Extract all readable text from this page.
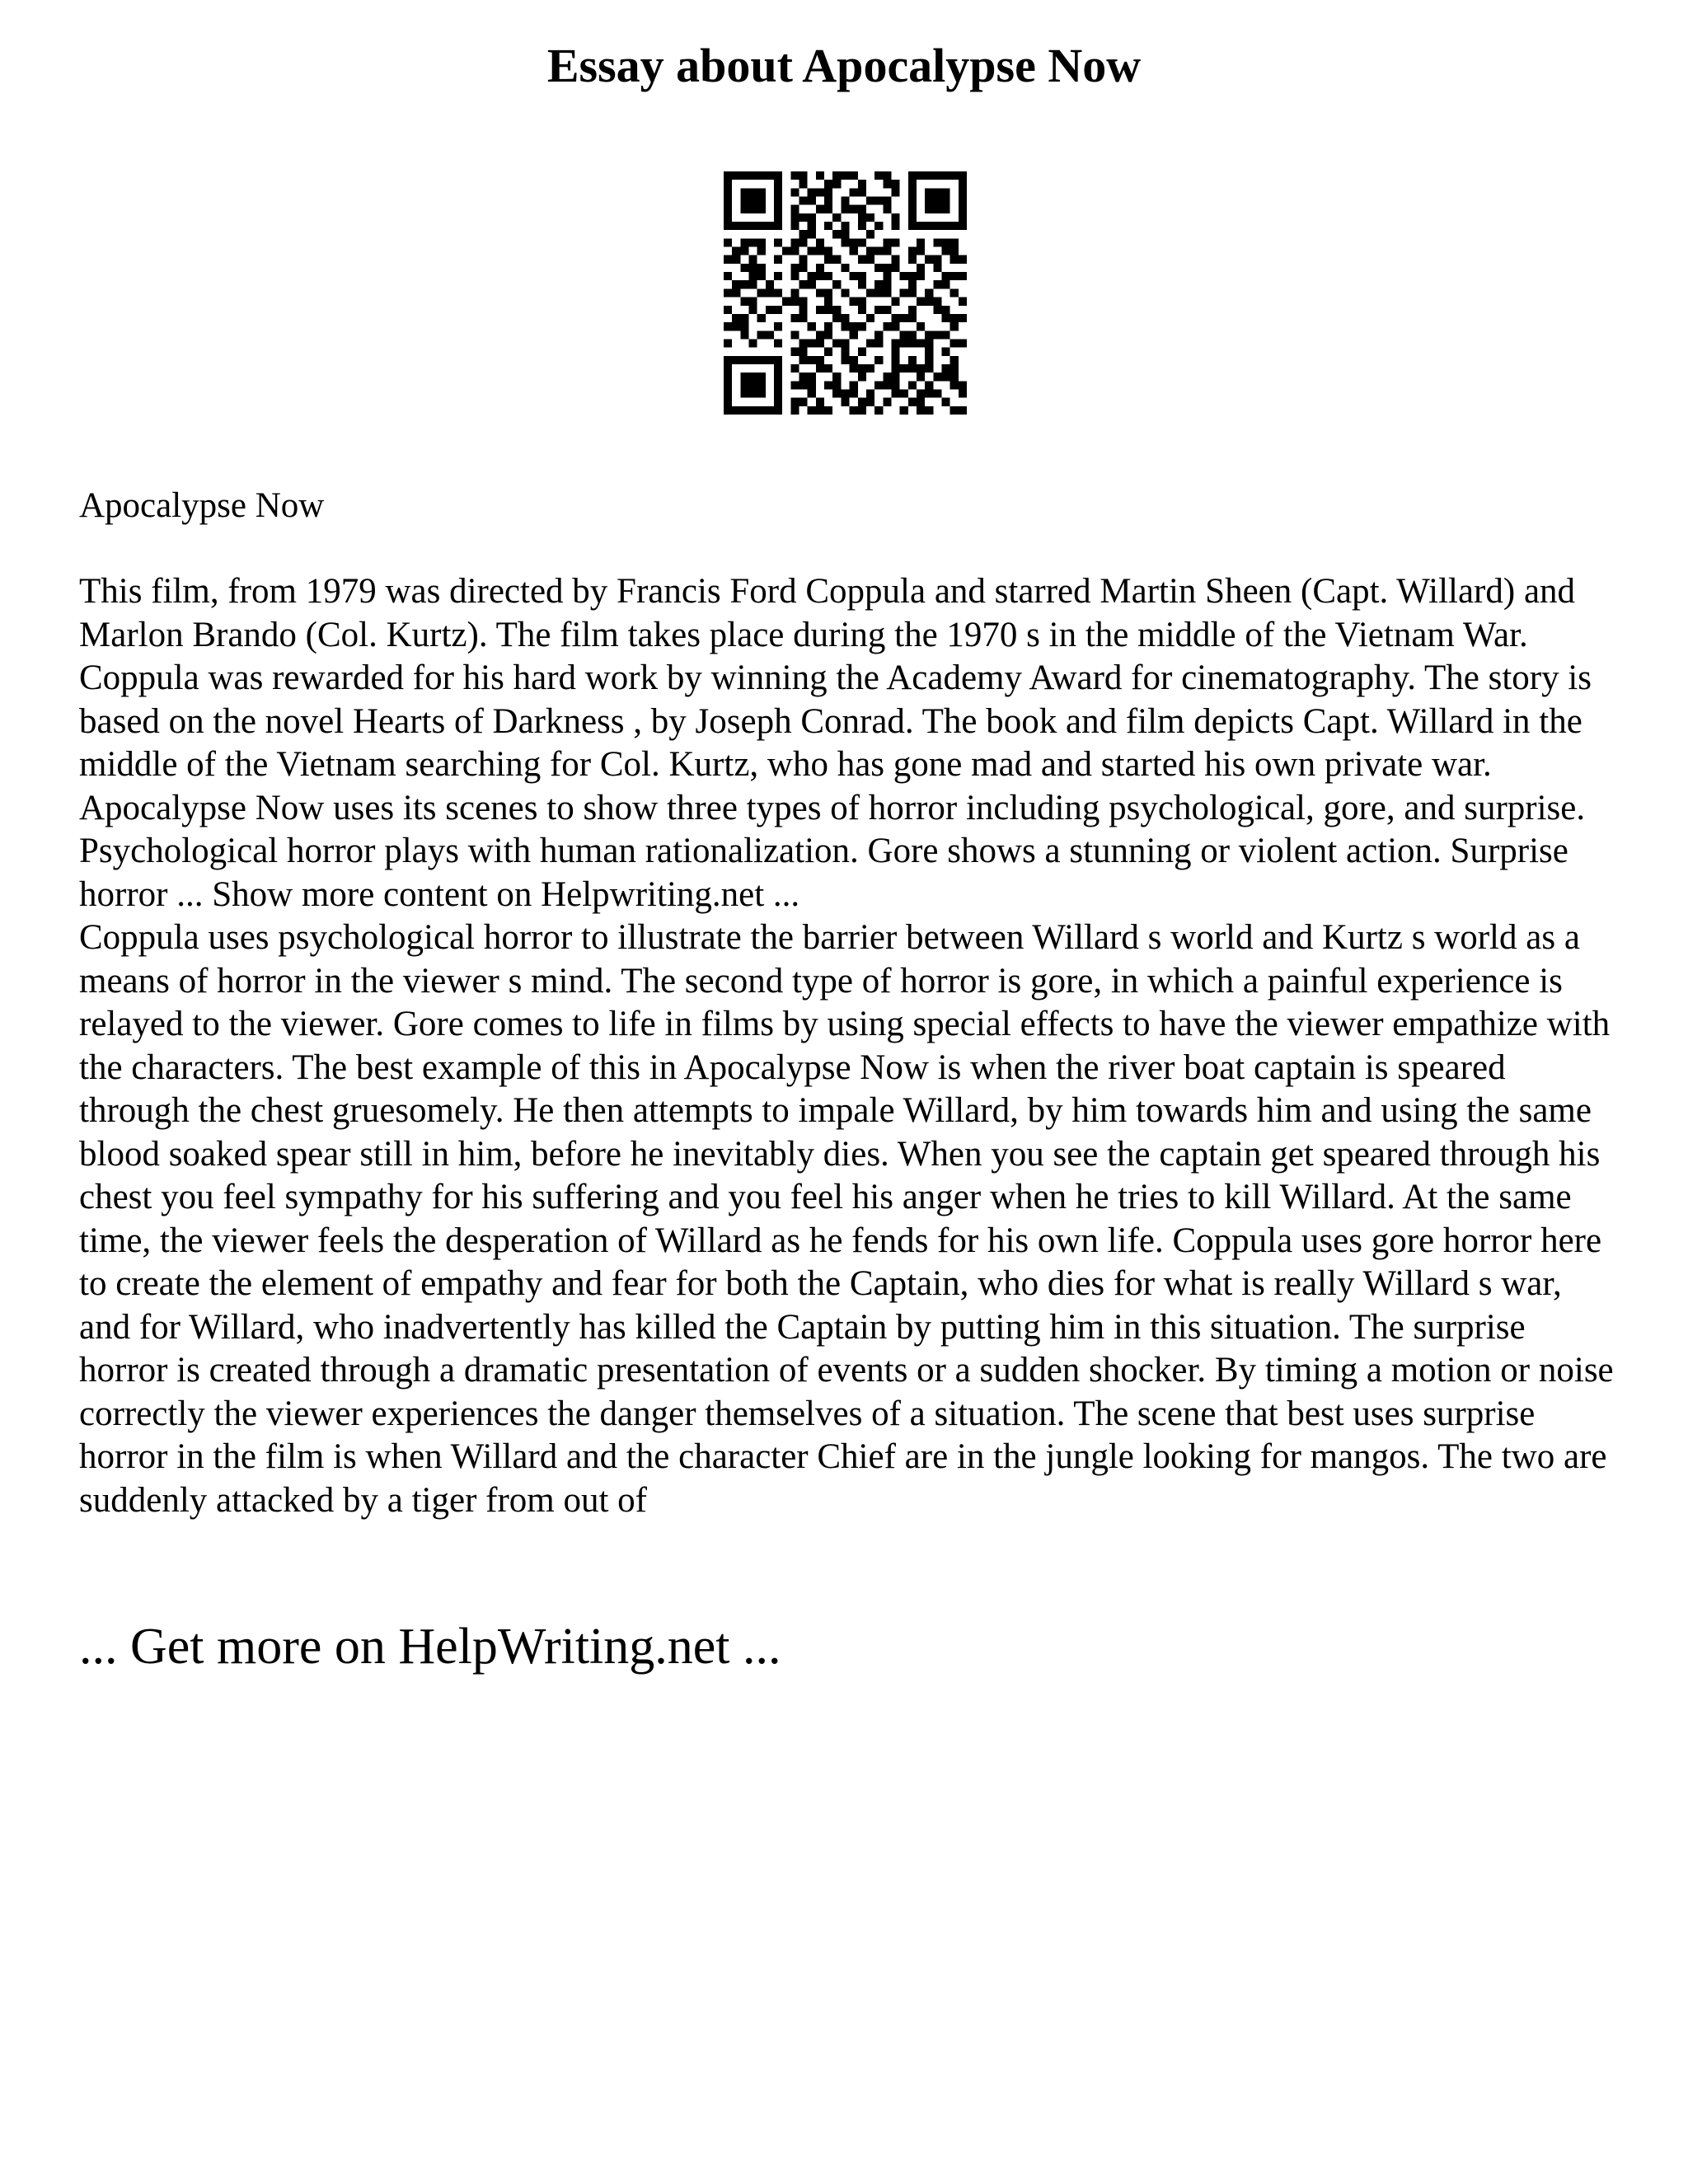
Essay about Apocalypse Now

Apocalypse Now

This film, from 1979 was directed by Francis Ford Coppula and starred Martin Sheen (Capt. Willard) and Marlon Brando (Col. Kurtz). The film takes place during the 1970 s in the middle of the Vietnam War. Coppula was rewarded for his hard work by winning the Academy Award for cinematography. The story is based on the novel Hearts of Darkness , by Joseph Conrad. The book and film depicts Capt. Willard in the middle of the Vietnam searching for Col. Kurtz, who has gone mad and started his own private war. Apocalypse Now uses its scenes to show three types of horror including psychological, gore, and surprise. Psychological horror plays with human rationalization. Gore shows a stunning or violent action. Surprise horror ... Show more content on Helpwriting.net ...
Coppula uses psychological horror to illustrate the barrier between Willard s world and Kurtz s world as a means of horror in the viewer s mind. The second type of horror is gore, in which a painful experience is relayed to the viewer. Gore comes to life in films by using special effects to have the viewer empathize with the characters. The best example of this in Apocalypse Now is when the river boat captain is speared through the chest gruesomely. He then attempts to impale Willard, by him towards him and using the same blood soaked spear still in him, before he inevitably dies. When you see the captain get speared through his chest you feel sympathy for his suffering and you feel his anger when he tries to kill Willard. At the same time, the viewer feels the desperation of Willard as he fends for his own life. Coppula uses gore horror here to create the element of empathy and fear for both the Captain, who dies for what is really Willard s war, and for Willard, who inadvertently has killed the Captain by putting him in this situation. The surprise horror is created through a dramatic presentation of events or a sudden shocker. By timing a motion or noise correctly the viewer experiences the danger themselves of a situation. The scene that best uses surprise horror in the film is when Willard and the character Chief are in the jungle looking for mangos. The two are suddenly attacked by a tiger from out of
... Get more on HelpWriting.net ...
